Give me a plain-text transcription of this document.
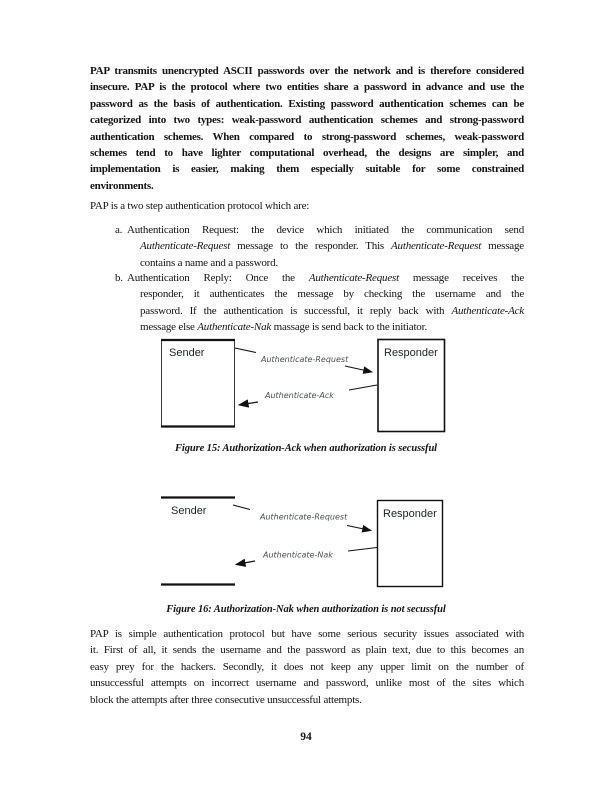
PAP transmits unencrypted ASCII passwords over the network and is therefore considered
insecure. PAP is the protocol where two entities share a password in advance and use the
password as the basis of authentication. Existing password authentication schemes can be
categorized into two types: weak-password authentication schemes and strong-password
authentication schemes. When compared to strong-password schemes, weak-password
schemes tend to have lighter computational overhead, the designs are simpler, and
implementation is easier, making them especially suitable for some constrained
environments.
PAP is a two step authentication protocol which are:
a. Authentication Request: the device which initiated the communication send
Authenticate-Request message to the responder. This Authenticate-Request message
contains a name and a password.
b. Authentication Reply: Once the Authenticate-Request message receives the
responder, it authenticates the message by checking the username and the
password. If the authentication is successful, it reply back with Authenticate-Ack
message else Authenticate-Nak massage is send back to the initiator.
Sender	Responder
Authenticate-Request
Authenticate-Ack
Figure 15: Authorization-Ack when authorization is secussful
Sender	Responder
Authenticate-Request
Authenticate-Nak
Figure 16: Authorization-Nak when authorization is not secussful
PAP is simple authentication protocol but have some serious security issues associated with
it. First of all, it sends the username and the password as plain text, due to this becomes an
easy prey for the hackers. Secondly, it does not keep any upper limit on the number of
unsuccessful attempts on incorrect username and password, unlike most of the sites which
block the attempts after three consecutive unsuccessful attempts.
94
